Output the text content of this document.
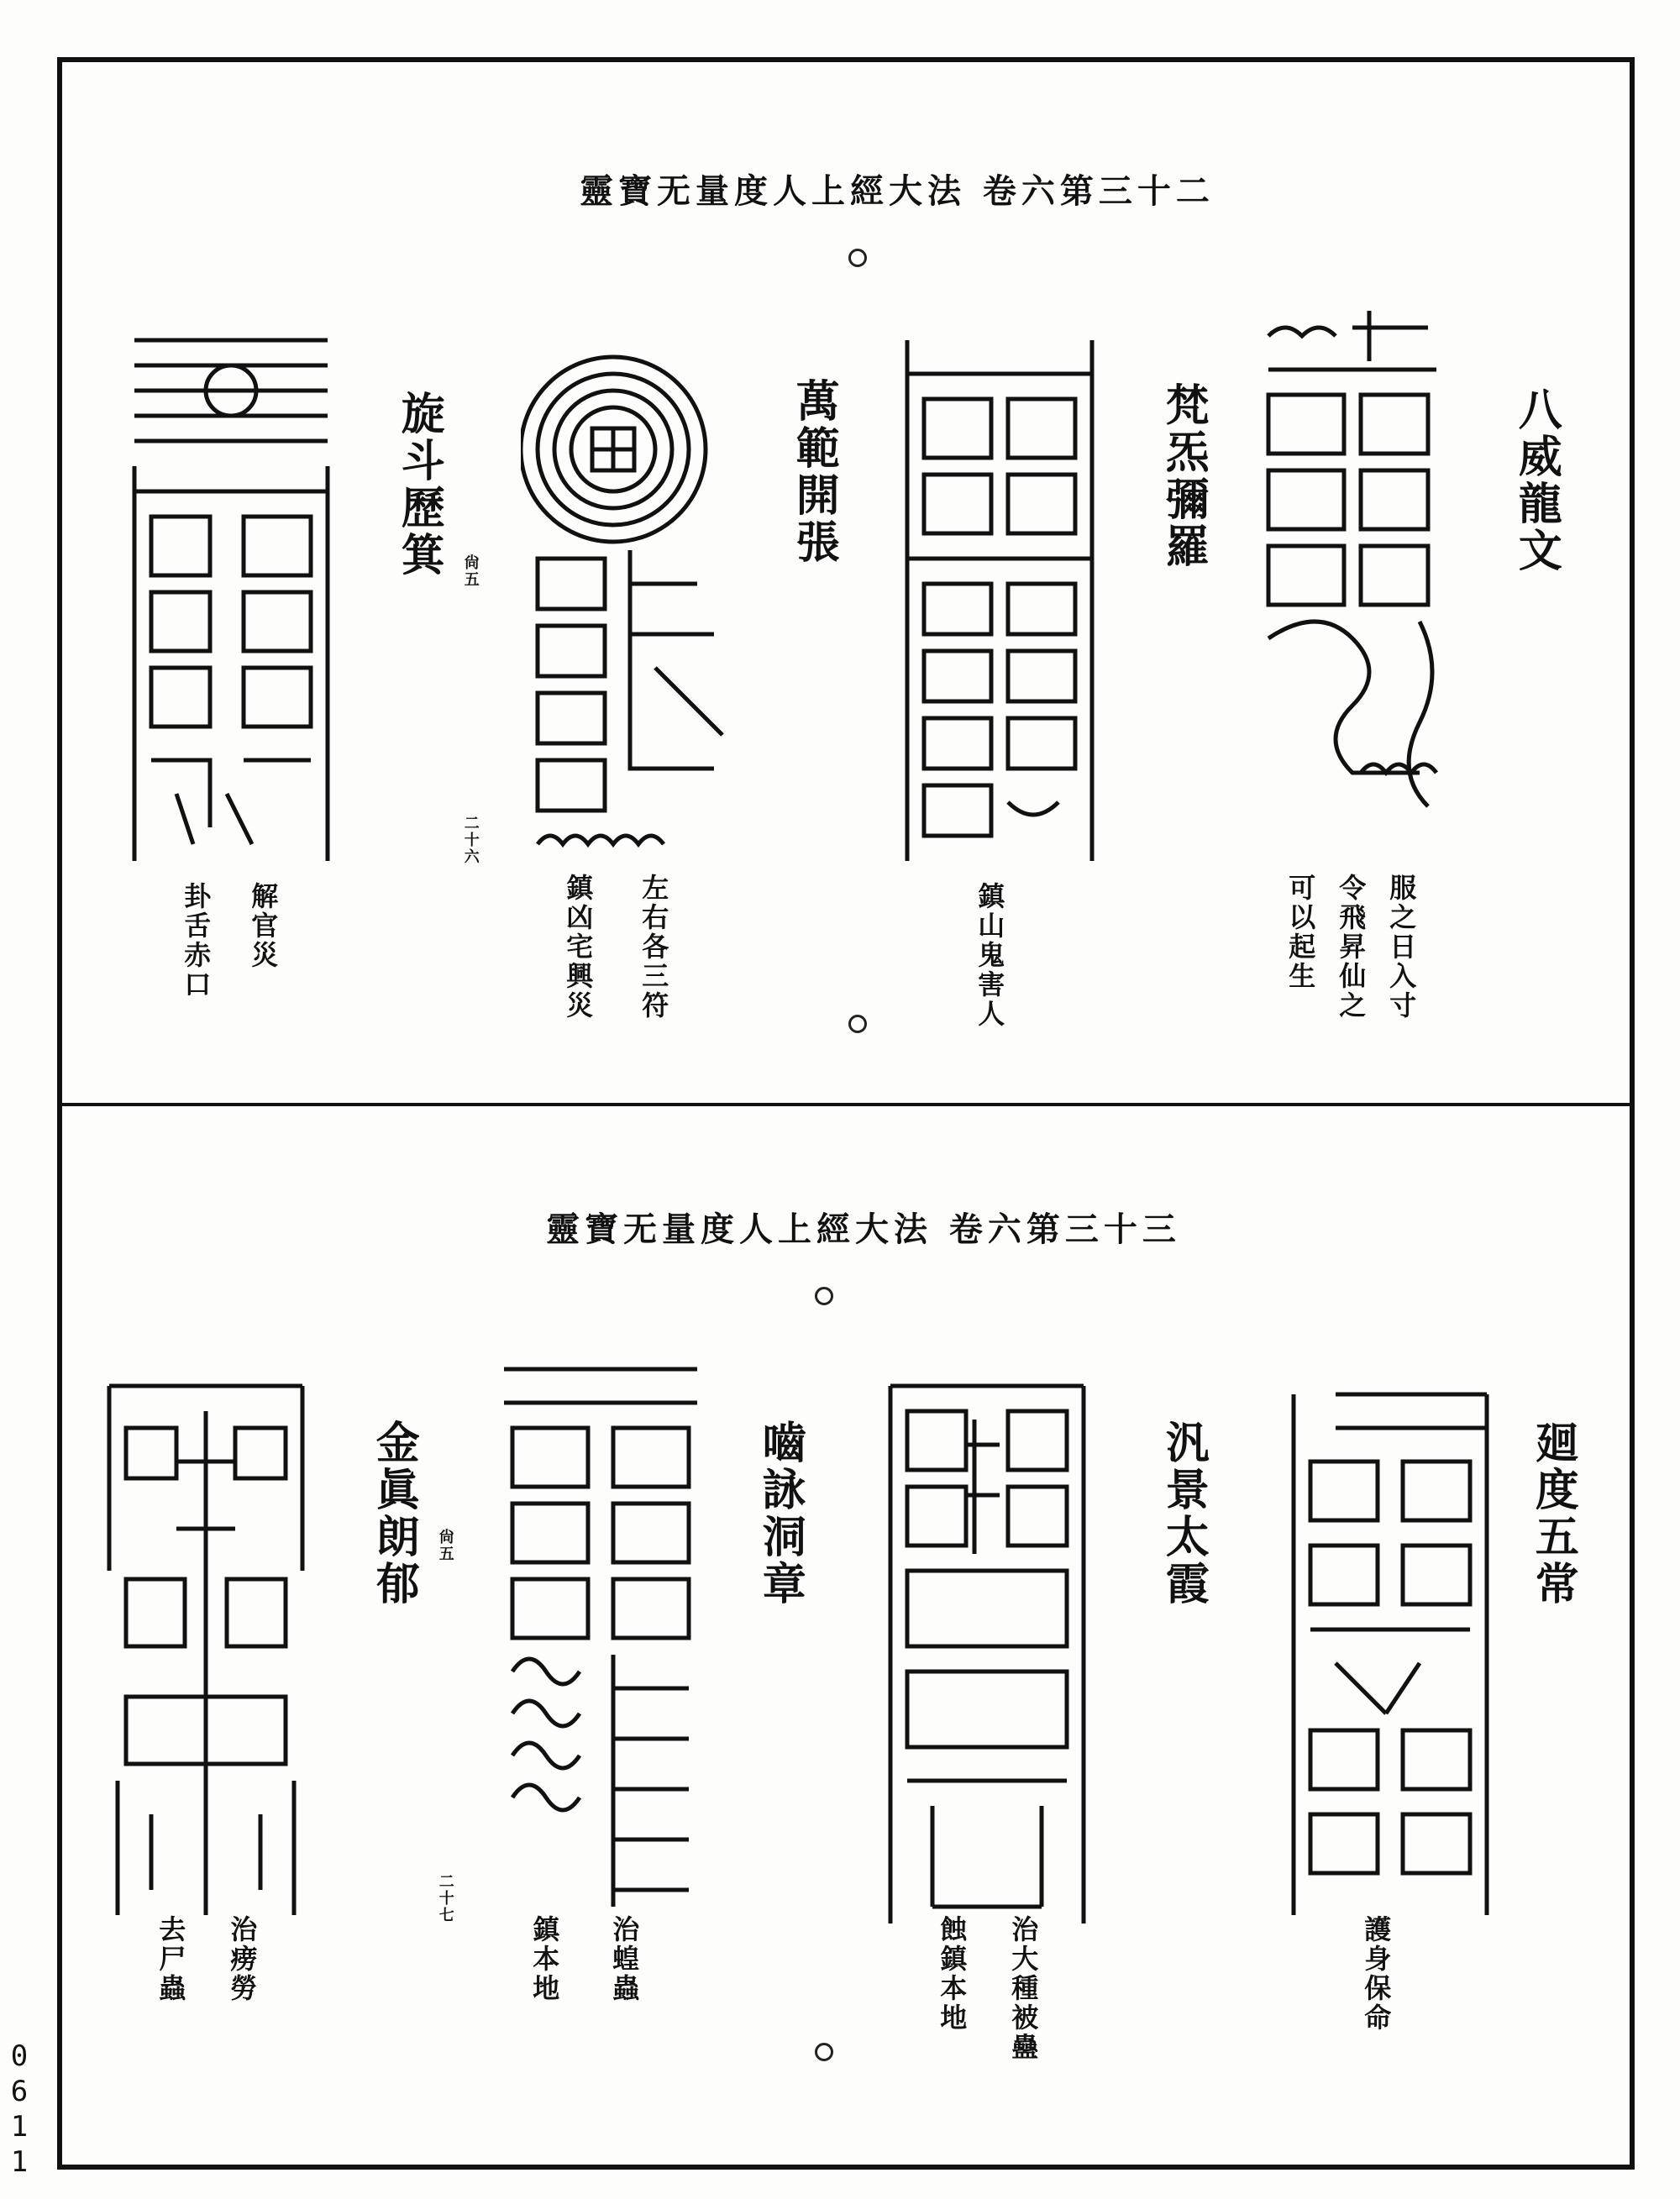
靈寶无量度人上經大法 卷六第三十二
八威龍文
服之日入寸
令飛昇仙之
可以起生
梵炁彌羅
鎮山鬼害人
萬範開張
尙五
二十六
左右各三符
鎮凶宅興災
旋斗歷箕
解官災
卦舌赤口
靈寶无量度人上經大法 卷六第三十三
廻度五常
護身保命
汎景太霞
治大種被蠱
蝕鎮本地
嚙詠洞章
尙五
二十七
治蝗蟲
鎮本地
金眞朗郁
治痨勞
去尸蟲
0611
